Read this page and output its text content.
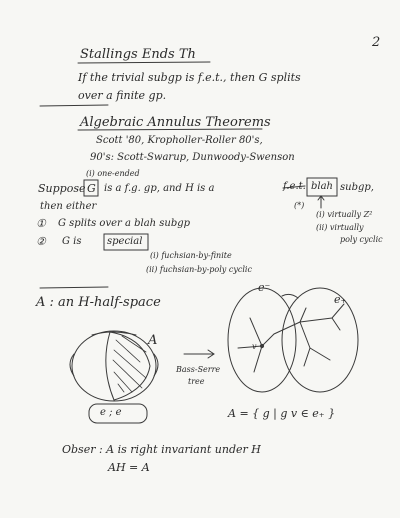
2
Stallings Ends Th
If the trivial subgp is f.e.t., then G splits
over a finite gp.
Algebraic Annulus Theorems
Scott '80, Kropholler-Roller 80's,
90's: Scott-Swarup, Dunwoody-Swenson
(i) one-ended
Suppose G is a f.g. gp, and H is a	f.e.t. blah subgp,
then either	(*)
(i) virtually Z²
(ii) virtually
poly cyclic
① G splits over a blah subgp
② G is	special
(i) fuchsian-by-finite
(ii) fuchsian-by-poly cyclic
A : an H-half-space
A
Bass-Serre
tree
e⁻
e₊
v
e ; e	A = { g | g v ∈ e₊ }
Obser : A is right invariant under H
AH = A
